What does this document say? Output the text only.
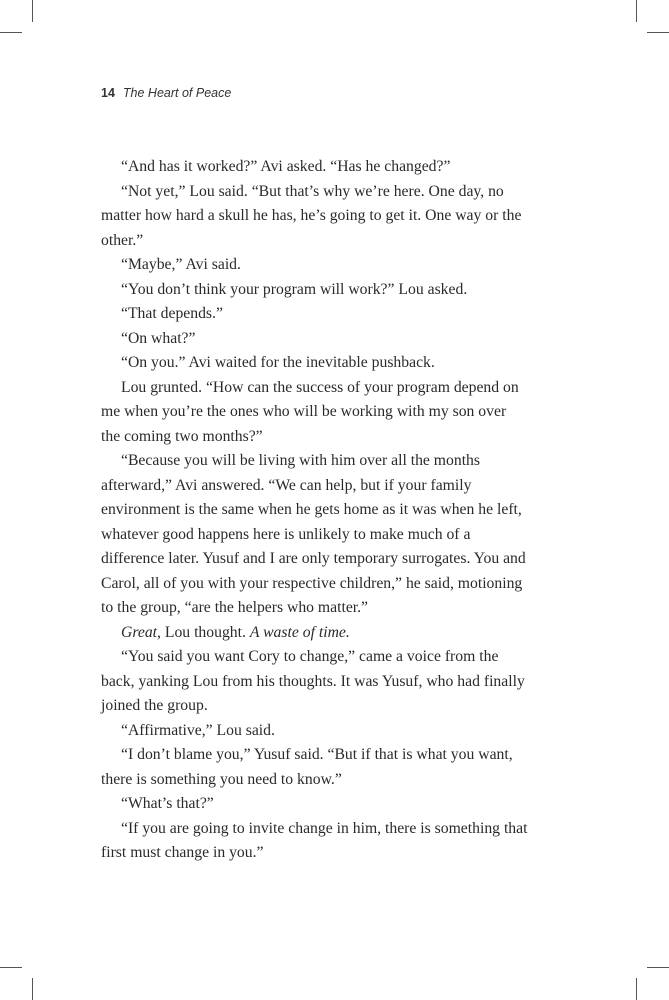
14 The Heart of Peace

“And has it worked?” Avi asked. “Has he changed?”

“Not yet,” Lou said. “But that’s why we’re here. One day, no matter how hard a skull he has, he’s going to get it. One way or the other.”

“Maybe,” Avi said.

“You don’t think your program will work?” Lou asked.

“That depends.”

“On what?”

“On you.” Avi waited for the inevitable pushback.

Lou grunted. “How can the success of your program depend on me when you’re the ones who will be working with my son over the coming two months?”

“Because you will be living with him over all the months afterward,” Avi answered. “We can help, but if your family environment is the same when he gets home as it was when he left, whatever good happens here is unlikely to make much of a difference later. Yusuf and I are only temporary surrogates. You and Carol, all of you with your respective children,” he said, motioning to the group, “are the helpers who matter.”

Great, Lou thought. A waste of time.

“You said you want Cory to change,” came a voice from the back, yanking Lou from his thoughts. It was Yusuf, who had finally joined the group.

“Affirmative,” Lou said.

“I don’t blame you,” Yusuf said. “But if that is what you want, there is something you need to know.”

“What’s that?”

“If you are going to invite change in him, there is something that first must change in you.”
